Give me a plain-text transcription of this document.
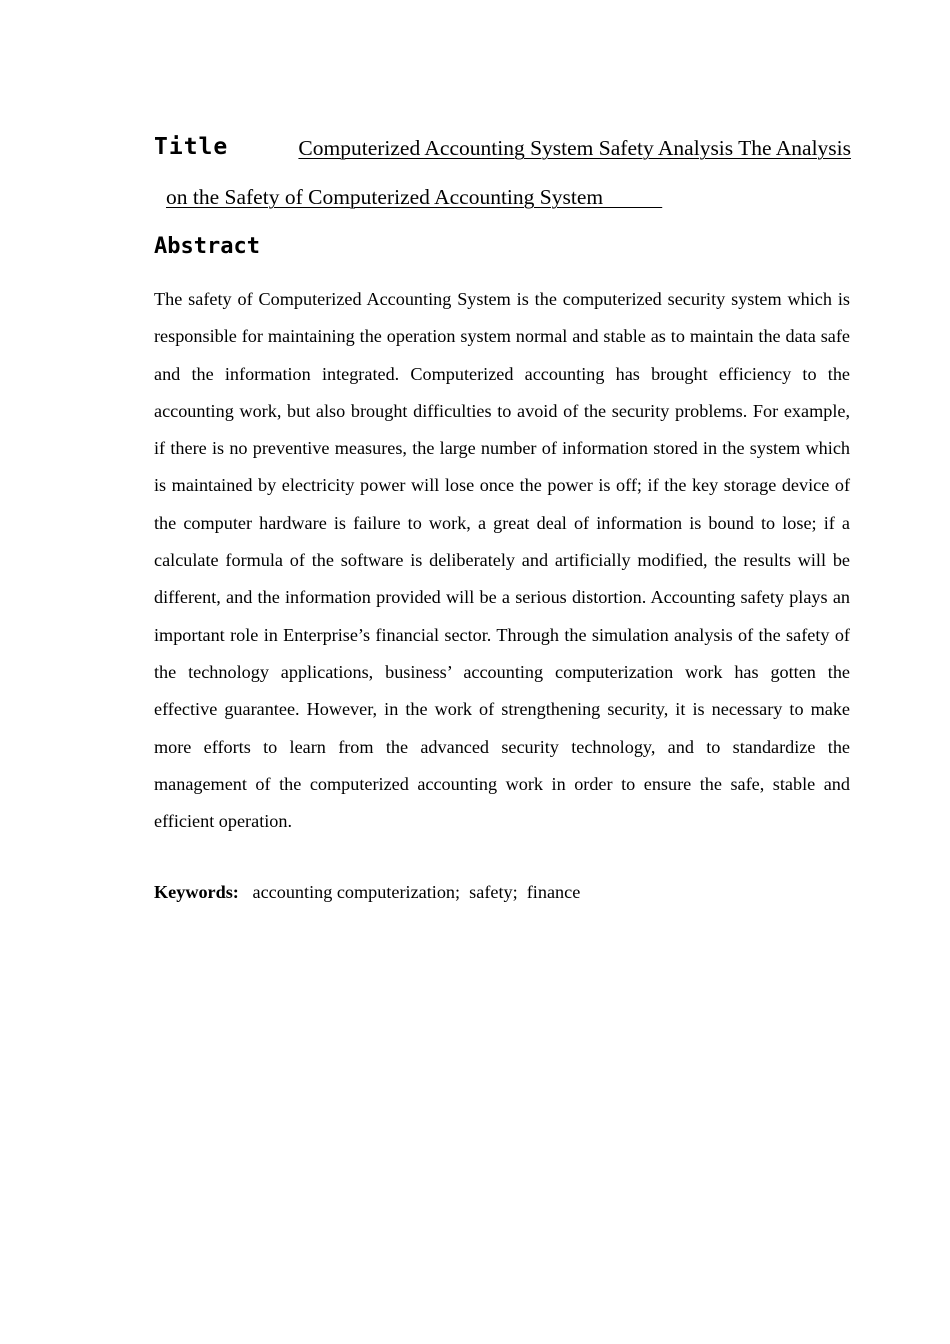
Title	Computerized Accounting System Safety Analysis The Analysis
on the Safety of Computerized Accounting System
Abstract

The safety of Computerized Accounting System is the computerized security system which is responsible for maintaining the operation system normal and stable as to maintain the data safe and the information integrated. Computerized accounting has brought efficiency to the accounting work, but also brought difficulties to avoid of the security problems. For example, if there is no preventive measures, the large number of information stored in the system which is maintained by electricity power will lose once the power is off; if the key storage device of the computer hardware is failure to work, a great deal of information is bound to lose; if a calculate formula of the software is deliberately and artificially modified, the results will be different, and the information provided will be a serious distortion. Accounting safety plays an important role in Enterprise’s financial sector. Through the simulation analysis of the safety of the technology applications, business’ accounting computerization work has gotten the effective guarantee. However, in the work of strengthening security, it is necessary to make more efforts to learn from the advanced security technology, and to standardize the management of the computerized accounting work in order to ensure the safe, stable and efficient operation.

Keywords:   accounting computerization;  safety;  finance
